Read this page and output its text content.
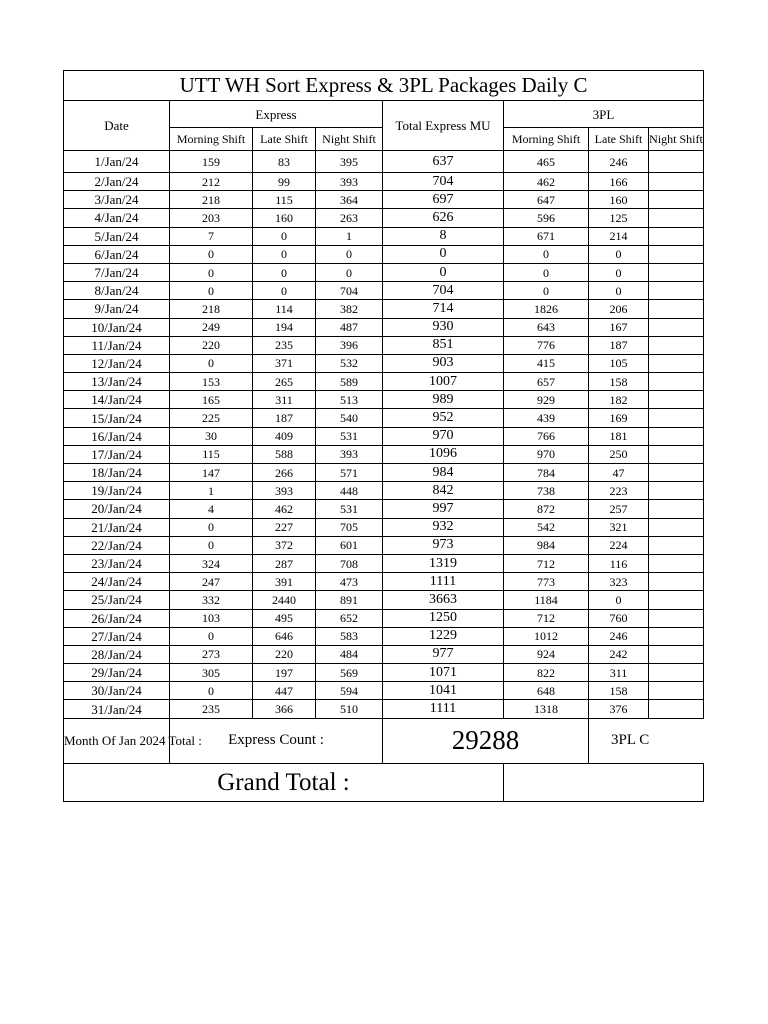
UTT WH Sort Express & 3PL Packages Daily C							
Date	Express			Total Express MU	3PL		
	Morning Shift	Late Shift	Night Shift		Morning Shift	Late Shift	Night Shift
1/Jan/24	159	83	395	637	465	246	
2/Jan/24	212	99	393	704	462	166	
3/Jan/24	218	115	364	697	647	160	
4/Jan/24	203	160	263	626	596	125	
5/Jan/24	7	0	1	8	671	214	
6/Jan/24	0	0	0	0	0	0	
7/Jan/24	0	0	0	0	0	0	
8/Jan/24	0	0	704	704	0	0	
9/Jan/24	218	114	382	714	1826	206	
10/Jan/24	249	194	487	930	643	167	
11/Jan/24	220	235	396	851	776	187	
12/Jan/24	0	371	532	903	415	105	
13/Jan/24	153	265	589	1007	657	158	
14/Jan/24	165	311	513	989	929	182	
15/Jan/24	225	187	540	952	439	169	
16/Jan/24	30	409	531	970	766	181	
17/Jan/24	115	588	393	1096	970	250	
18/Jan/24	147	266	571	984	784	47	
19/Jan/24	1	393	448	842	738	223	
20/Jan/24	4	462	531	997	872	257	
21/Jan/24	0	227	705	932	542	321	
22/Jan/24	0	372	601	973	984	224	
23/Jan/24	324	287	708	1319	712	116	
24/Jan/24	247	391	473	1111	773	323	
25/Jan/24	332	2440	891	3663	1184	0	
26/Jan/24	103	495	652	1250	712	760	
27/Jan/24	0	646	583	1229	1012	246	
28/Jan/24	273	220	484	977	924	242	
29/Jan/24	305	197	569	1071	822	311	
30/Jan/24	0	447	594	1041	648	158	
31/Jan/24	235	366	510	1111	1318	376	
Month Of Jan 2024 Total :	Express Count :			29288		3PL C	
Grand Total :							
